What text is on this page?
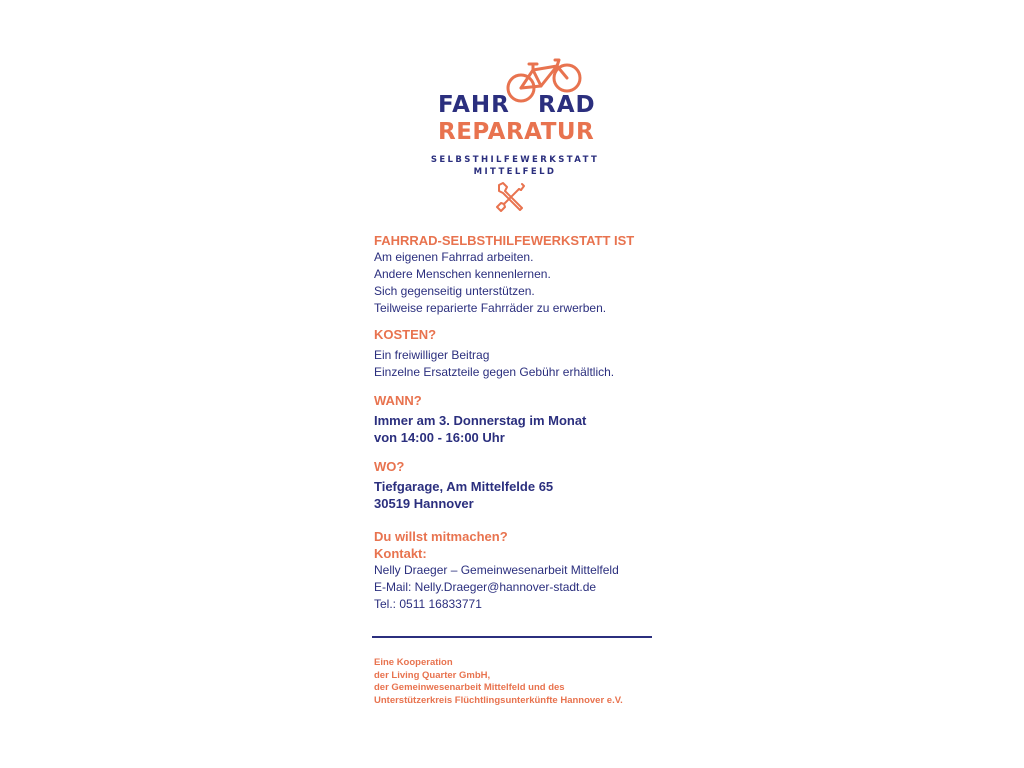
FAHR RAD
REPARATUR
SELBSTHILFEWERKSTATT
MITTELFELD

FAHRRAD-SELBSTHILFEWERKSTATT IST

Am eigenen Fahrrad arbeiten.

Andere Menschen kennenlernen.

Sich gegenseitig unterstützen.

Teilweise reparierte Fahrräder zu erwerben.

KOSTEN?

Ein freiwilliger Beitrag

Einzelne Ersatzteile gegen Gebühr erhältlich.

WANN?

Immer am 3. Donnerstag im Monat

von 14:00 - 16:00 Uhr

WO?

Tiefgarage, Am Mittelfelde 65

30519 Hannover

Du willst mitmachen?

Kontakt:

Nelly Draeger – Gemeinwesenarbeit Mittelfeld

E-Mail: Nelly.Draeger@hannover-stadt.de

Tel.: 0511 16833771

Eine Kooperation

der Living Quarter GmbH,

der Gemeinwesenarbeit Mittelfeld und des

Unterstützerkreis Flüchtlingsunterkünfte Hannover e.V.
